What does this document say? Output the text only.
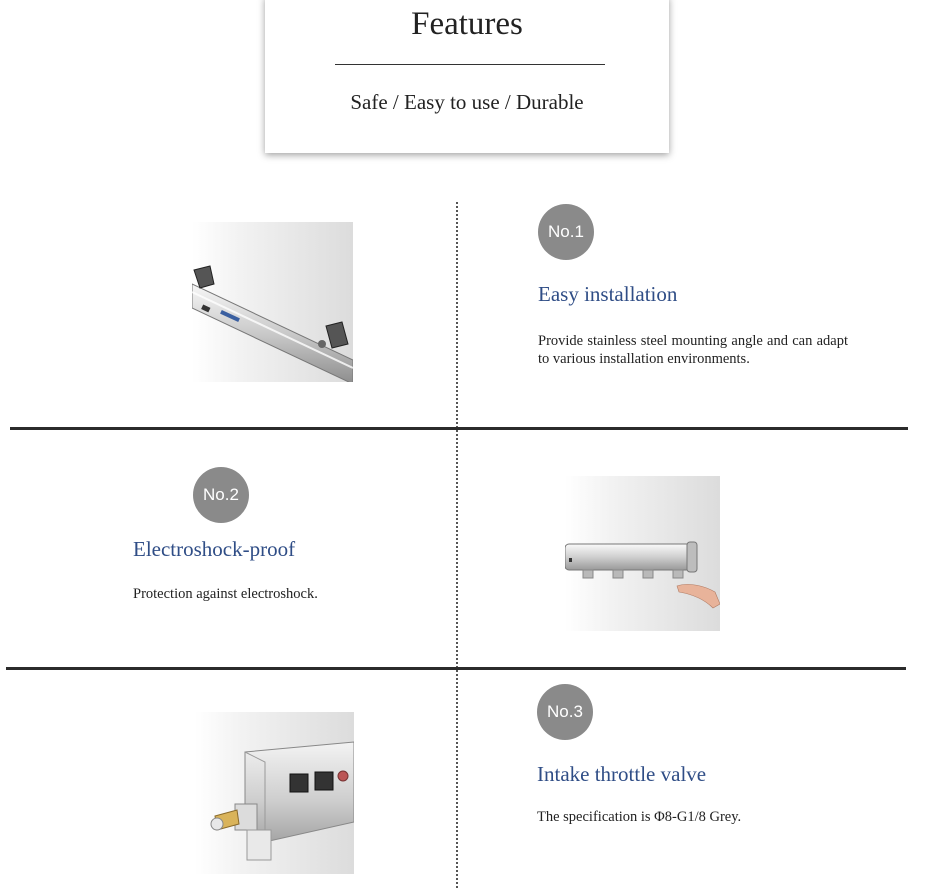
Features
Safe / Easy to use / Durable
No.1
Easy installation
Provide stainless steel mounting angle and can adapt to various installation environments.
No.2
Electroshock-proof
Protection against electroshock.
No.3
Intake throttle valve
The specification is Φ8-G1/8 Grey.
